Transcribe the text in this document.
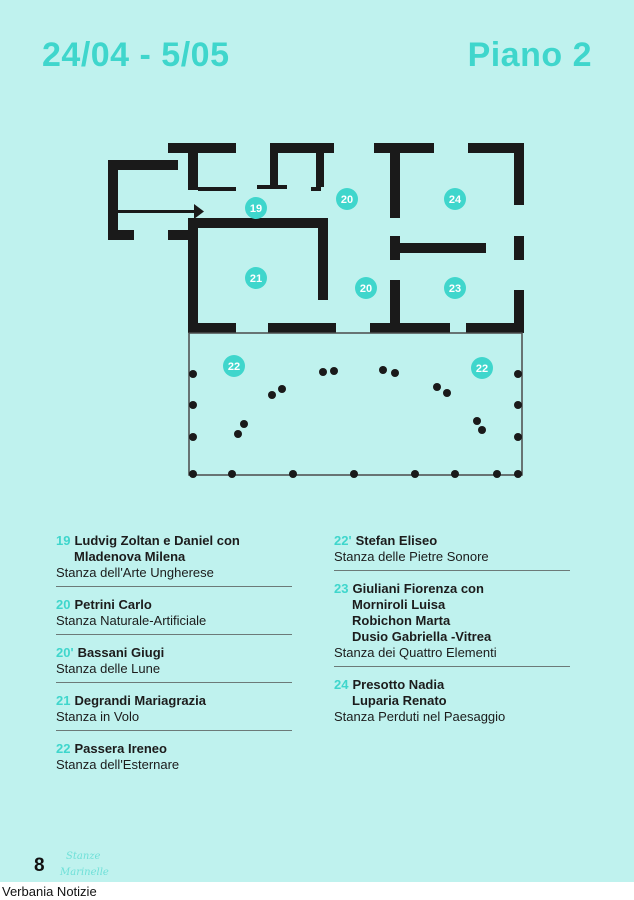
24/04 - 5/05	Piano 2
19
20	24
21
20	23
22	22
19 Ludvig Zoltan e Daniel con
Mladenova Milena
Stanza dell'Arte Ungherese
20 Petrini Carlo
Stanza Naturale-Artificiale
20' Bassani Giugi
Stanza delle Lune
21 Degrandi Mariagrazia
Stanza in Volo
22 Passera Ireneo
Stanza dell'Esternare
22' Stefan Eliseo
Stanza delle Pietre Sonore
23 Giuliani Fiorenza con
Morniroli Luisa
Robichon Marta
Dusio Gabriella -Vitrea
Stanza dei Quattro Elementi
24 Presotto Nadia
Luparia Renato
Stanza Perduti nel Paesaggio
8 Stanze
Marinelle
Verbania Notizie
